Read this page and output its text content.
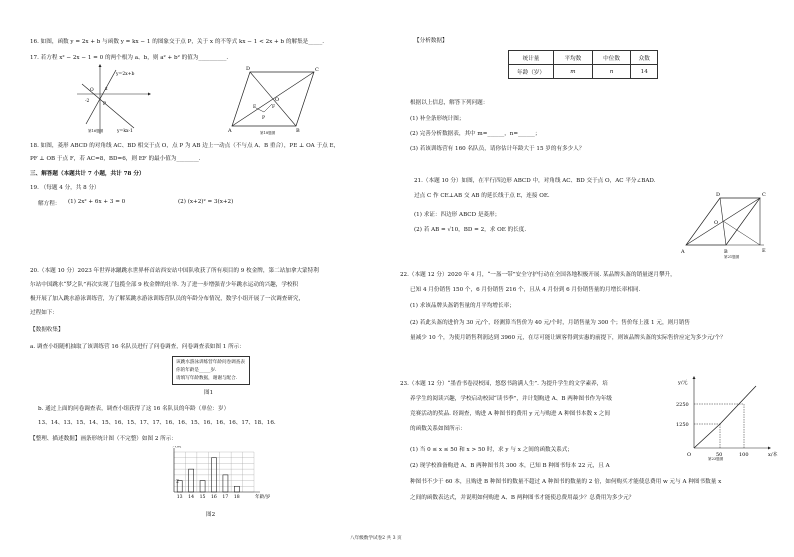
16. 如图，函数 y = 2x + b 与函数 y = kx − 1 的图象交于点 P，关于 x 的不等式 kx − 1 < 2x + b 的解集是_____.
17. 若方程 x² − 2x − 1 = 0 的两个根为 a、b，则 a² + b² 的值为__________.
y=2x+b
O	x
-2
P
y=kx-1
第16题图
D	C
A	B
O
E	F
P
第18题图
18. 如图，菱形 ABCD 的对角线 AC、BD 相交于点 O，点 P 为 AB 边上一动点（不与点 A、B 重合），PE ⊥ OA 于点 E，
PF ⊥ OB 于点 F，若 AC=8，BD=6，则 EF 的最小值为________.
三、解答题（本题共计 7 小题，共计 78 分）
19. （每题 4 分，共 8 分）
解方程： (1) 2x² + 6x + 3 = 0	(2) (x+2)² = 3(x+2)
20.（本题 10 分）2023 年世界冰蹴跳水世界杯首站西安站中国队收获了所有项目的 9 枚金牌，第二站加拿大蒙特利
尔站中国跳水“梦之队”再次实现了包揽全部 9 枚金牌的壮举. 为了进一步增强青少年跳水运动的兴趣，学校积
极开展了加入跳水游泳训练营，为了解某跳水游泳训练营队员的年龄分布情况，数学小组开展了一次调查研究，
过程如下：
【数据收集】
a. 调查小组随机抽取了该训练营 16 名队员进行了问卷调查，问卷调查表如图 1 所示：
该跳水游泳训练营年龄问卷调查表
你的年龄是_____岁.
请填写年龄数据，谢谢与配合.
图1
b. 通过上面的问卷调查表，调查小组获得了这 16 名队员的年龄（单位：岁）
13、14、13、15、14、15、16、15、17、17、16、16、15、16、16、16、17、18、16.
【整理、描述数据】画条形统计图（不完整）如图 2 所示：
13 14 15 16 17 18
2
人数
年龄/岁
图2
八年级数学试卷2 共 3 页
【分析数据】
统计量	平均数	中位数	众数
年龄（岁）	m	n	14
根据以上信息，解答下列问题：
(1) 补全条形统计图；
(2) 完善分析数据表，其中 m=______，n=______；
(3) 若该训练营有 160 名队员，请你估计年龄大于 15 岁的有多少人？
21.（本题 10 分）如图，在平行四边形 ABCD 中，对角线 AC、BD 交于点 O，AC 平分∠BAD.
过点 C 作 CE⊥AB 交 AB 的延长线于点 E，连接 OE.
(1) 求证：四边形 ABCD 是菱形；
(2) 若 AB = √10，BD = 2，求 OE 的长度.
D	C
A	B	E
O
第21题图
22.（本题 12 分）2020 年 4 月，“一盔一带”安全守护行动在全国各地积极开展. 某品牌头盔的销量逐月攀升，
已知 4 月份销售 150 个，6 月份销售 216 个，且从 4 月份到 6 月份销售量的月增长率相同.
(1) 求该品牌头盔销售量的月平均增长率；
(2) 若此头盔的进价为 30 元/个，经测算当售价为 40 元/个时，月销售量为 300 个；售价每上涨 1 元，则月销售
量减少 10 个，为使月销售利润达到 3960 元，在尽可能让顾客得到实惠的前提下，则该品牌头盔的实际售价应定为多少元/个？
23.（本题 12 分）“墨香书卷浸校园，悠悠书韵满人生”. 为提升学生的文学素养，培
养学生的阅读兴趣，学校启动校园“读书季”，并计划购进 A、B 两种图书作为年级
竞赛活动的奖品. 经调查，购进 A 种图书的费用 y 元与购进 A 种图书本数 x 之间
的函数关系如图所示：
(1) 当 0 ≤ x ≤ 50 和 x > 50 时，求 y 与 x 之间的函数关系式；
(2) 现学校准备购进 A、B 两种图书共 300 本，已知 B 种图书每本 22 元，且 A
种图书不少于 60 本，且购进 B 种图书的数量不超过 A 种图书的数量的 2 倍，如何购买才能使总费用 w 元与 A 种图书数量 x
之间的函数表达式，并说明如何购进 A、B 两种图书才能使总费用最少？总费用为多少元？
y/元
x/本
2250
1250
50	100
O
第23题图
